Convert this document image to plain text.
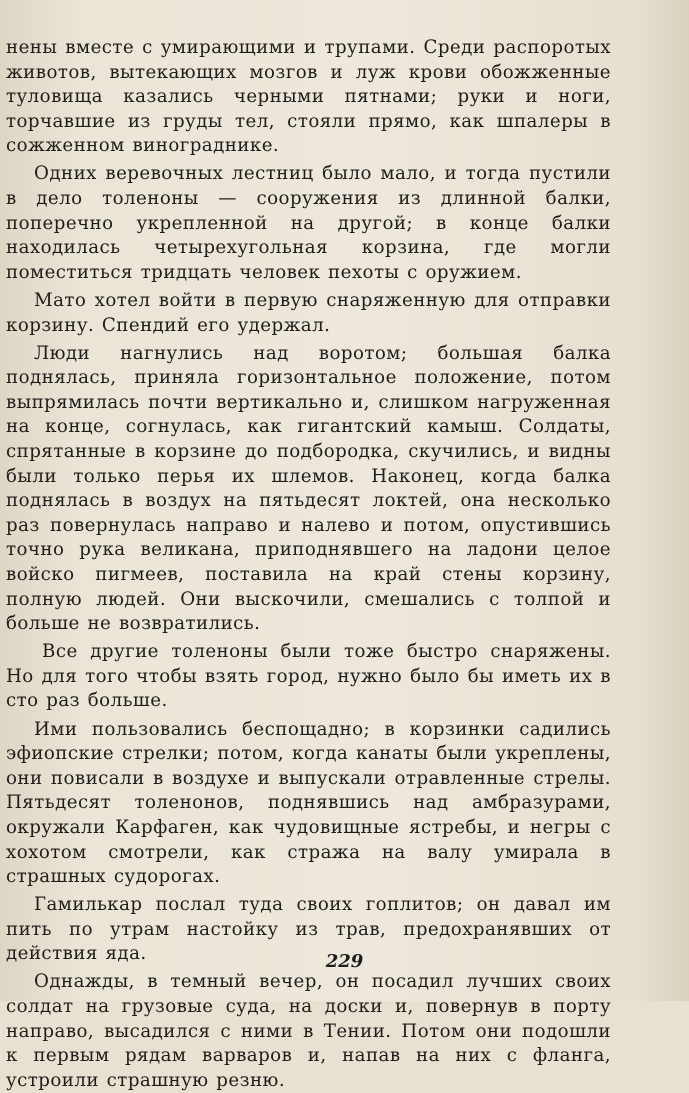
нены вместе с умирающими и трупами. Среди распоротых животов, вытекающих мозгов и луж крови обожженные туловища казались черными пятнами; руки и ноги, торчавшие из груды тел, стояли прямо, как шпалеры в сожженном винограднике.

Одних веревочных лестниц было мало, и тогда пустили в дело толеноны — сооружения из длинной балки, поперечно укрепленной на другой; в конце балки находилась четырехугольная корзина, где могли поместиться тридцать человек пехоты с оружием.

Мато хотел войти в первую снаряженную для отправки корзину. Спендий его удержал.

Люди нагнулись над воротом; большая балка поднялась, приняла горизонтальное положение, потом выпрямилась почти вертикально и, слишком нагруженная на конце, согнулась, как гигантский камыш. Солдаты, спрятанные в корзине до подбородка, скучились, и видны были только перья их шлемов. Наконец, когда балка поднялась в воздух на пятьдесят локтей, она несколько раз повернулась направо и налево и потом, опустившись точно рука великана, приподнявшего на ладони целое войско пигмеев, поставила на край стены корзину, полную людей. Они выскочили, смешались с толпой и больше не возвратились.

Все другие толеноны были тоже быстро снаряжены. Но для того чтобы взять город, нужно было бы иметь их в сто раз больше.

Ими пользовались беспощадно; в корзинки садились эфиопские стрелки; потом, когда канаты были укреплены, они повисали в воздухе и выпускали отравленные стрелы. Пятьдесят толенонов, поднявшись над амбразурами, окружали Карфаген, как чудовищные ястребы, и негры с хохотом смотрели, как стража на валу умирала в страшных судорогах.

Гамилькар послал туда своих гоплитов; он давал им пить по утрам настойку из трав, предохранявших от действия яда.

Однажды, в темный вечер, он посадил лучших своих солдат на грузовые суда, на доски и, повернув в порту направо, высадился с ними в Тении. Потом они подошли к первым рядам варваров и, напав на них с фланга, устроили страшную резню.

229
